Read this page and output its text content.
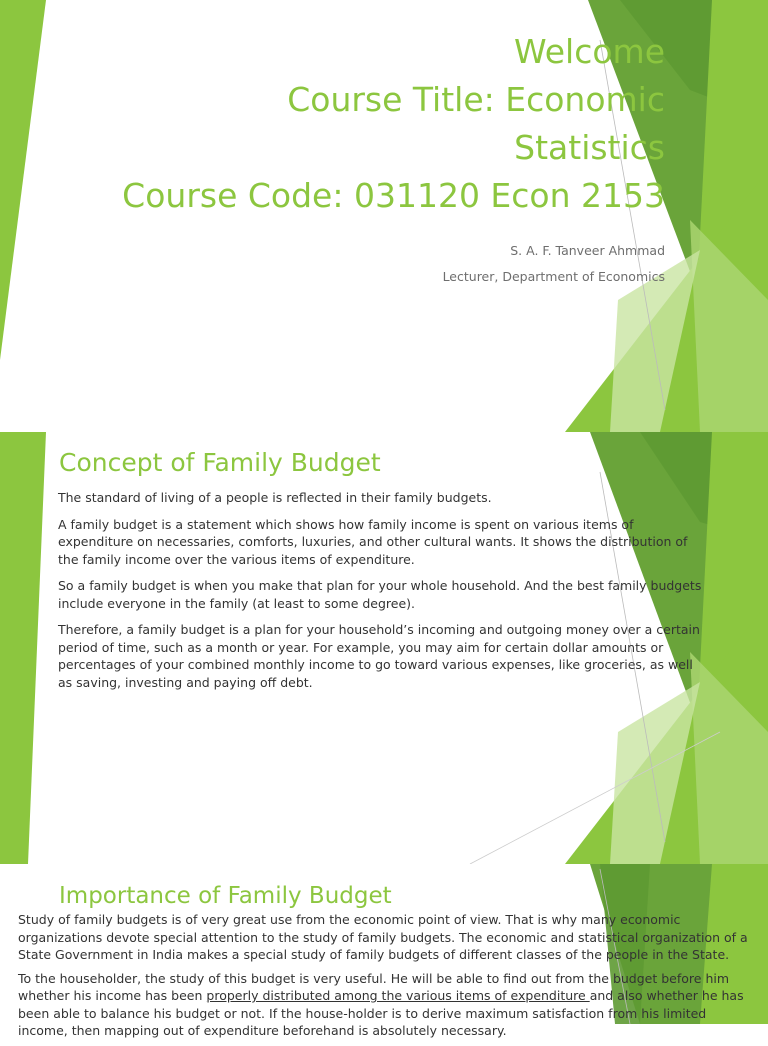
Welcome
Course Title: Economic
Statistics
Course Code: 031120 Econ 2153
S. A. F. Tanveer Ahmmad
Lecturer, Department of Economics
Concept of Family Budget

The standard of living of a people is reflected in their family budgets.

A family budget is a statement which shows how family income is spent on various items of expenditure on necessaries, comforts, luxuries, and other cultural wants. It shows the distribution of the family income over the various items of expenditure.

So a family budget is when you make that plan for your whole household. And the best family budgets include everyone in the family (at least to some degree).

Therefore, a family budget is a plan for your household’s incoming and outgoing money over a certain period of time, such as a month or year. For example, you may aim for certain dollar amounts or percentages of your combined monthly income to go toward various expenses, like groceries, as well as saving, investing and paying off debt.

Importance of Family Budget

Study of family budgets is of very great use from the economic point of view. That is why many economic organizations devote special attention to the study of family budgets. The economic and statistical organization of a State Government in India makes a special study of family budgets of different classes of the people in the State.

To the householder, the study of this budget is very useful. He will be able to find out from the budget before him whether his income has been properly distributed among the various items of expenditure and also whether he has been able to balance his budget or not. If the house-holder is to derive maximum satisfaction from his limited income, then mapping out of expenditure beforehand is absolutely necessary.
